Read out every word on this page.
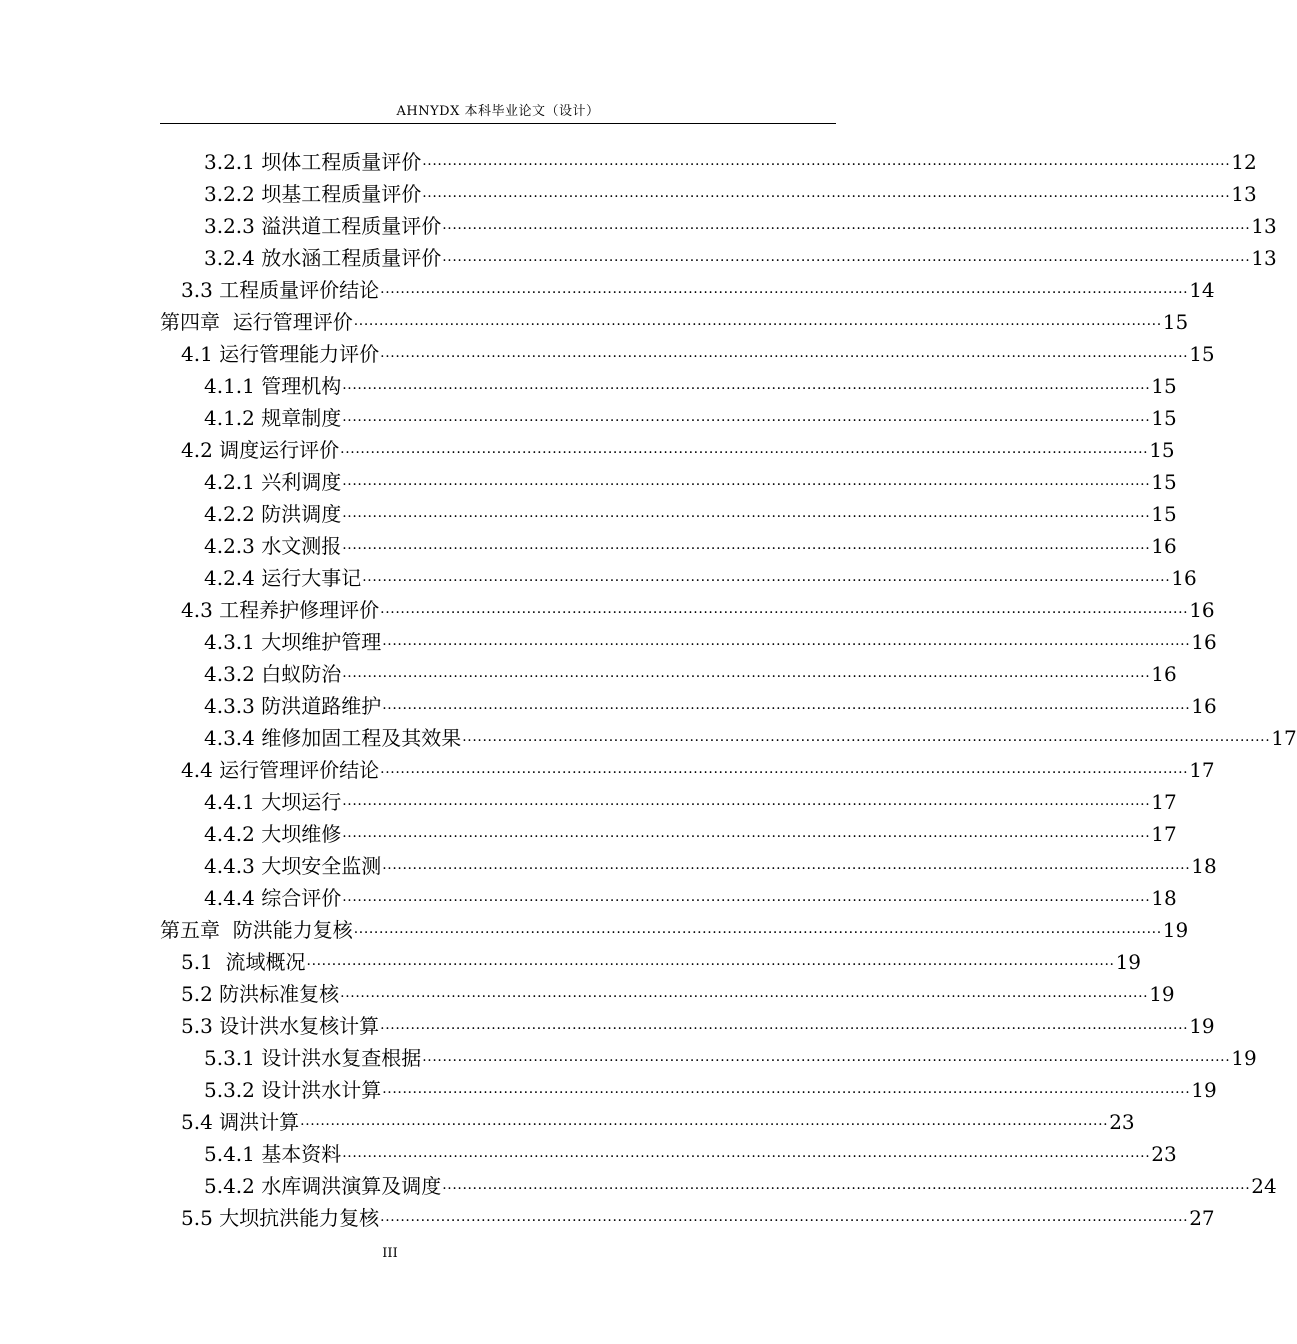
AHNYDX 本科毕业论文（设计）
3.2.1 坝体工程质量评价 ································································································································································ 12
3.2.2 坝基工程质量评价 ································································································································································ 13
3.2.3 溢洪道工程质量评价 ································································································································································ 13
3.2.4 放水涵工程质量评价 ································································································································································ 13
3.3 工程质量评价结论 ································································································································································ 14
第四章  运行管理评价 ································································································································································ 15
4.1 运行管理能力评价 ································································································································································ 15
4.1.1 管理机构 ································································································································································ 15
4.1.2 规章制度 ································································································································································ 15
4.2 调度运行评价 ································································································································································ 15
4.2.1 兴利调度 ································································································································································ 15
4.2.2 防洪调度 ································································································································································ 15
4.2.3 水文测报 ································································································································································ 16
4.2.4 运行大事记 ································································································································································ 16
4.3 工程养护修理评价 ································································································································································ 16
4.3.1 大坝维护管理 ································································································································································ 16
4.3.2 白蚁防治 ································································································································································ 16
4.3.3 防洪道路维护 ································································································································································ 16
4.3.4 维修加固工程及其效果 ································································································································································ 17
4.4 运行管理评价结论 ································································································································································ 17
4.4.1 大坝运行 ································································································································································ 17
4.4.2 大坝维修 ································································································································································ 17
4.4.3 大坝安全监测 ································································································································································ 18
4.4.4 综合评价 ································································································································································ 18
第五章  防洪能力复核 ································································································································································ 19
5.1  流域概况 ································································································································································ 19
5.2 防洪标准复核 ································································································································································ 19
5.3 设计洪水复核计算 ································································································································································ 19
5.3.1 设计洪水复查根据 ································································································································································ 19
5.3.2 设计洪水计算 ································································································································································ 19
5.4 调洪计算 ································································································································································ 23
5.4.1 基本资料 ································································································································································ 23
5.4.2 水库调洪演算及调度 ································································································································································ 24
5.5 大坝抗洪能力复核 ································································································································································ 27
III
